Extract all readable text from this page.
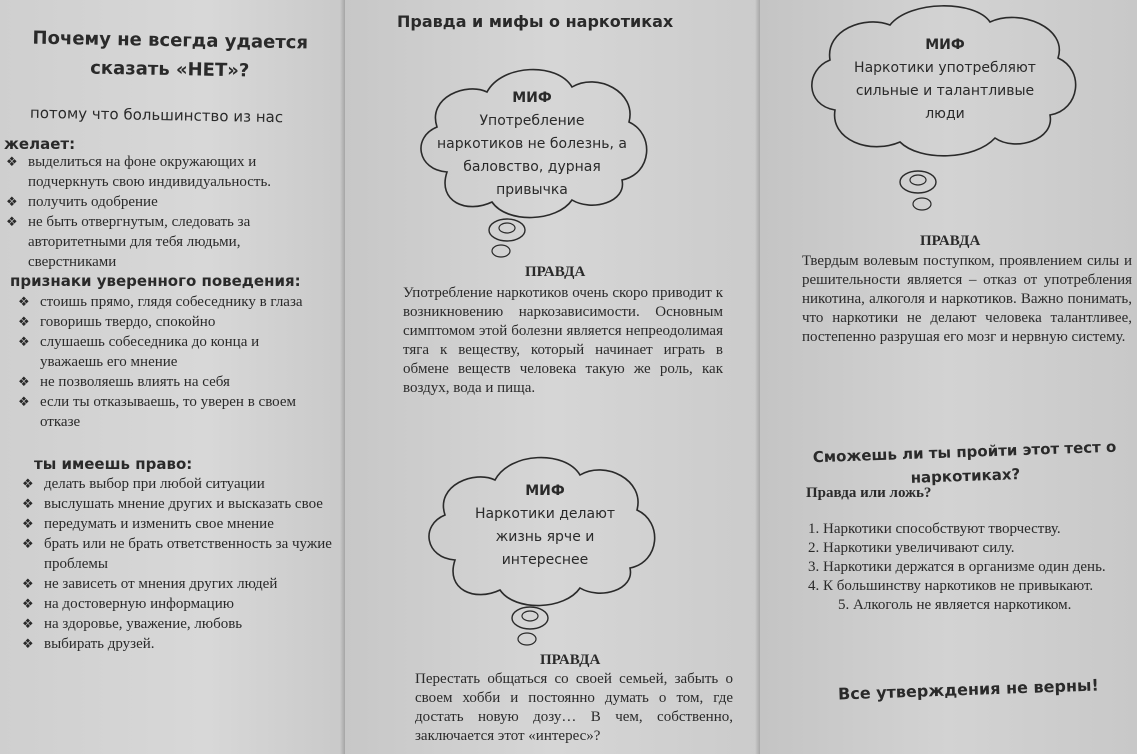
Почему не всегда удается сказать «НЕТ»?
потому что большинство из нас
желает:
❖ выделиться на фоне окружающих и подчеркнуть свою индивидуальность.
❖ получить одобрение
❖ не быть отвергнутым, следовать за авторитетными для тебя людьми, сверстниками
признаки уверенного поведения:
❖ стоишь прямо, глядя собеседнику в глаза
❖ говоришь твердо, спокойно
❖ слушаешь собеседника до конца и уважаешь его мнение
❖ не позволяешь влиять на себя
❖ если ты отказываешь, то уверен в своем отказе
ты имеешь право:
❖ делать выбор при любой ситуации
❖ выслушать мнение других и высказать свое
❖ передумать и изменить свое мнение
❖ брать или не брать ответственность за чужие проблемы
❖ не зависеть от мнения других людей
❖ на достоверную информацию
❖ на здоровье, уважение, любовь
❖ выбирать друзей.
Правда и мифы о наркотиках
МИФ
Употребление наркотиков не болезнь, а баловство, дурная привычка
ПРАВДА
Употребление наркотиков очень скоро приводит к возникновению наркозависимости. Основным симптомом этой болезни является непреодолимая тяга к веществу, который начинает играть в обмене веществ человека такую же роль, как воздух, вода и пища.
МИФ
Наркотики делают жизнь ярче и интереснее
ПРАВДА
Перестать общаться со своей семьей, забыть о своем хобби и постоянно думать о том, где достать новую дозу… В чем, собственно, заключается этот «интерес»?
МИФ
Наркотики употребляют сильные и талантливые люди
ПРАВДА
Твердым волевым поступком, проявлением силы и решительности является – отказ от употребления никотина, алкоголя и наркотиков. Важно понимать, что наркотики не делают человека талантливее, постепенно разрушая его мозг и нервную систему.
Сможешь ли ты пройти этот тест о наркотиках?
Правда или ложь?
1. Наркотики способствуют творчеству.
2. Наркотики увеличивают силу.
3. Наркотики держатся в организме один день.
4. К большинству наркотиков не привыкают.
5. Алкоголь не является наркотиком.
Все утверждения не верны!
